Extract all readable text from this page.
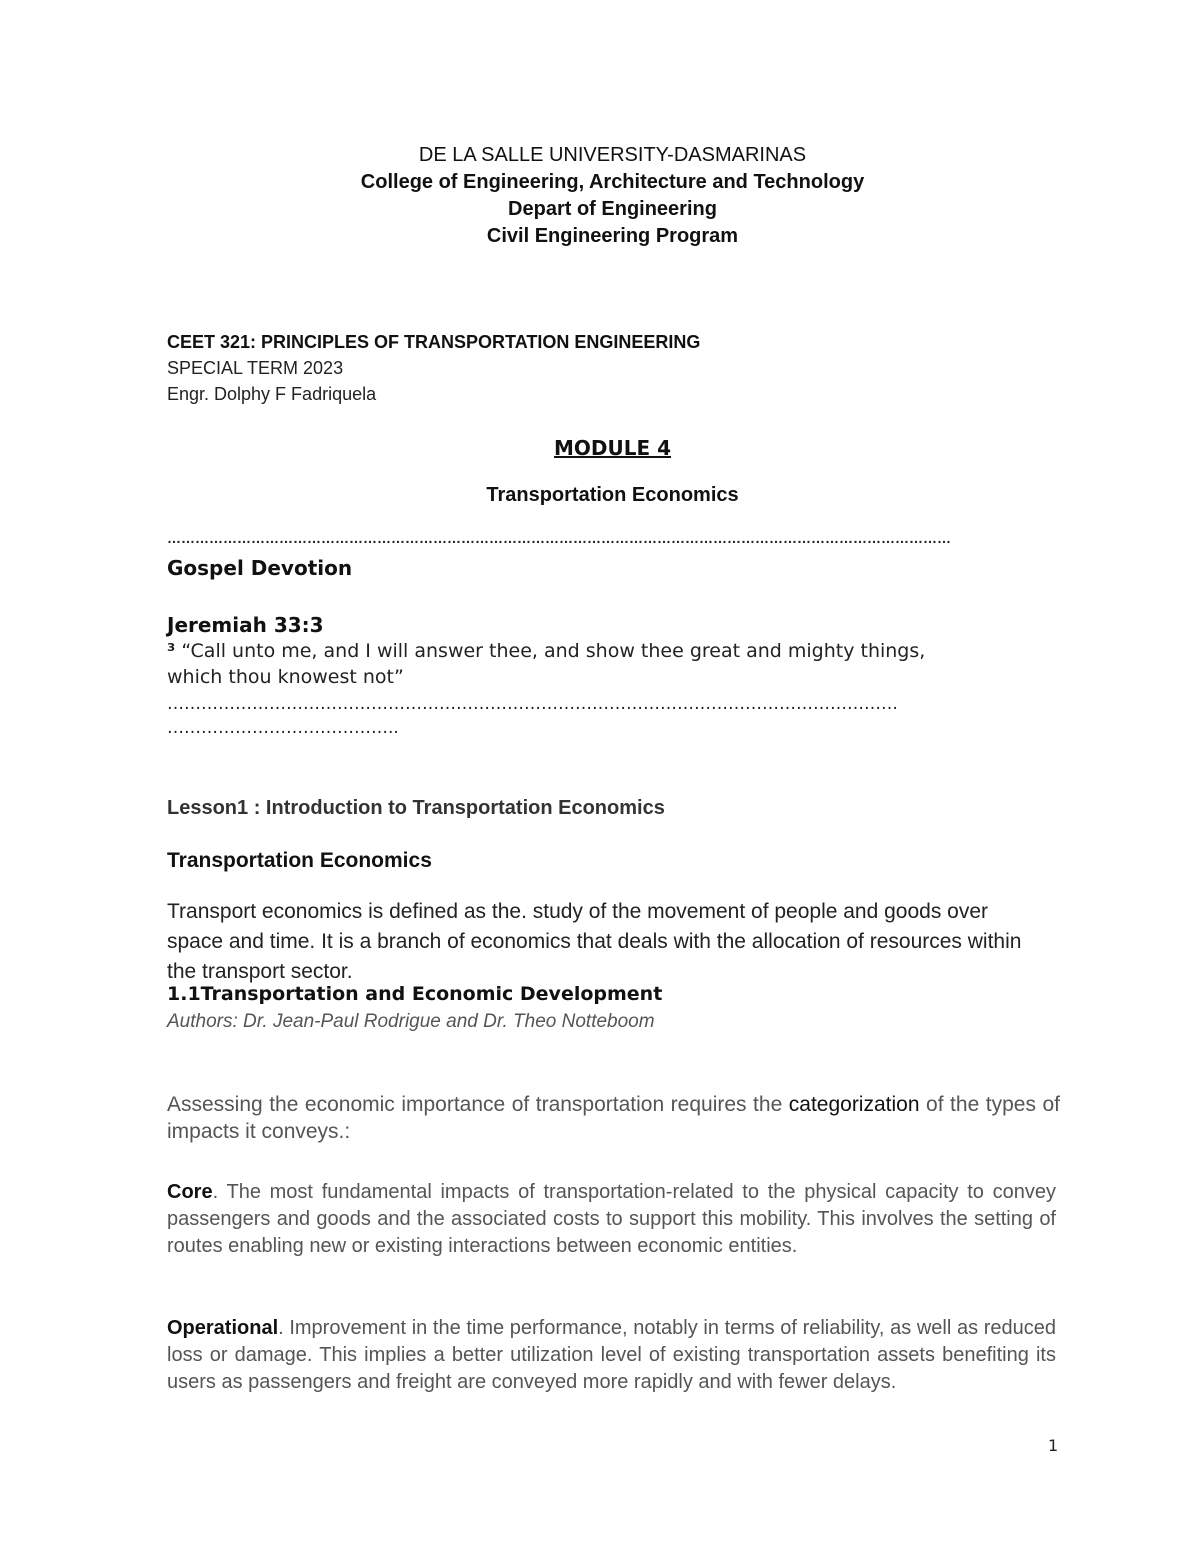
DE LA SALLE UNIVERSITY-DASMARINAS

College of Engineering, Architecture and Technology

Depart of Engineering

Civil Engineering Program

CEET 321: PRINCIPLES OF TRANSPORTATION ENGINEERING

SPECIAL TERM 2023

Engr. Dolphy F Fadriquela

MODULE 4

Transportation Economics

……………………………………………………………………………………………………………………………………………………

Gospel Devotion

Jeremiah 33:3

³ “Call unto me, and I will answer thee, and show thee great and mighty things,

which thou knowest not”

…………………………………………………………………………………………………………………

…………………………………..

Lesson1 : Introduction to Transportation Economics

Transportation Economics

Transport economics is defined as the. study of the movement of people and goods over space and time. It is a branch of economics that deals with the allocation of resources within the transport sector.

1.1Transportation and Economic Development

Authors: Dr. Jean-Paul Rodrigue and Dr. Theo Notteboom

Assessing the economic importance of transportation requires the categorization of the types of impacts it conveys.:

Core. The most fundamental impacts of transportation-related to the physical capacity to convey passengers and goods and the associated costs to support this mobility. This involves the setting of routes enabling new or existing interactions between economic entities.

Operational. Improvement in the time performance, notably in terms of reliability, as well as reduced loss or damage. This implies a better utilization level of existing transportation assets benefiting its users as passengers and freight are conveyed more rapidly and with fewer delays.

1
